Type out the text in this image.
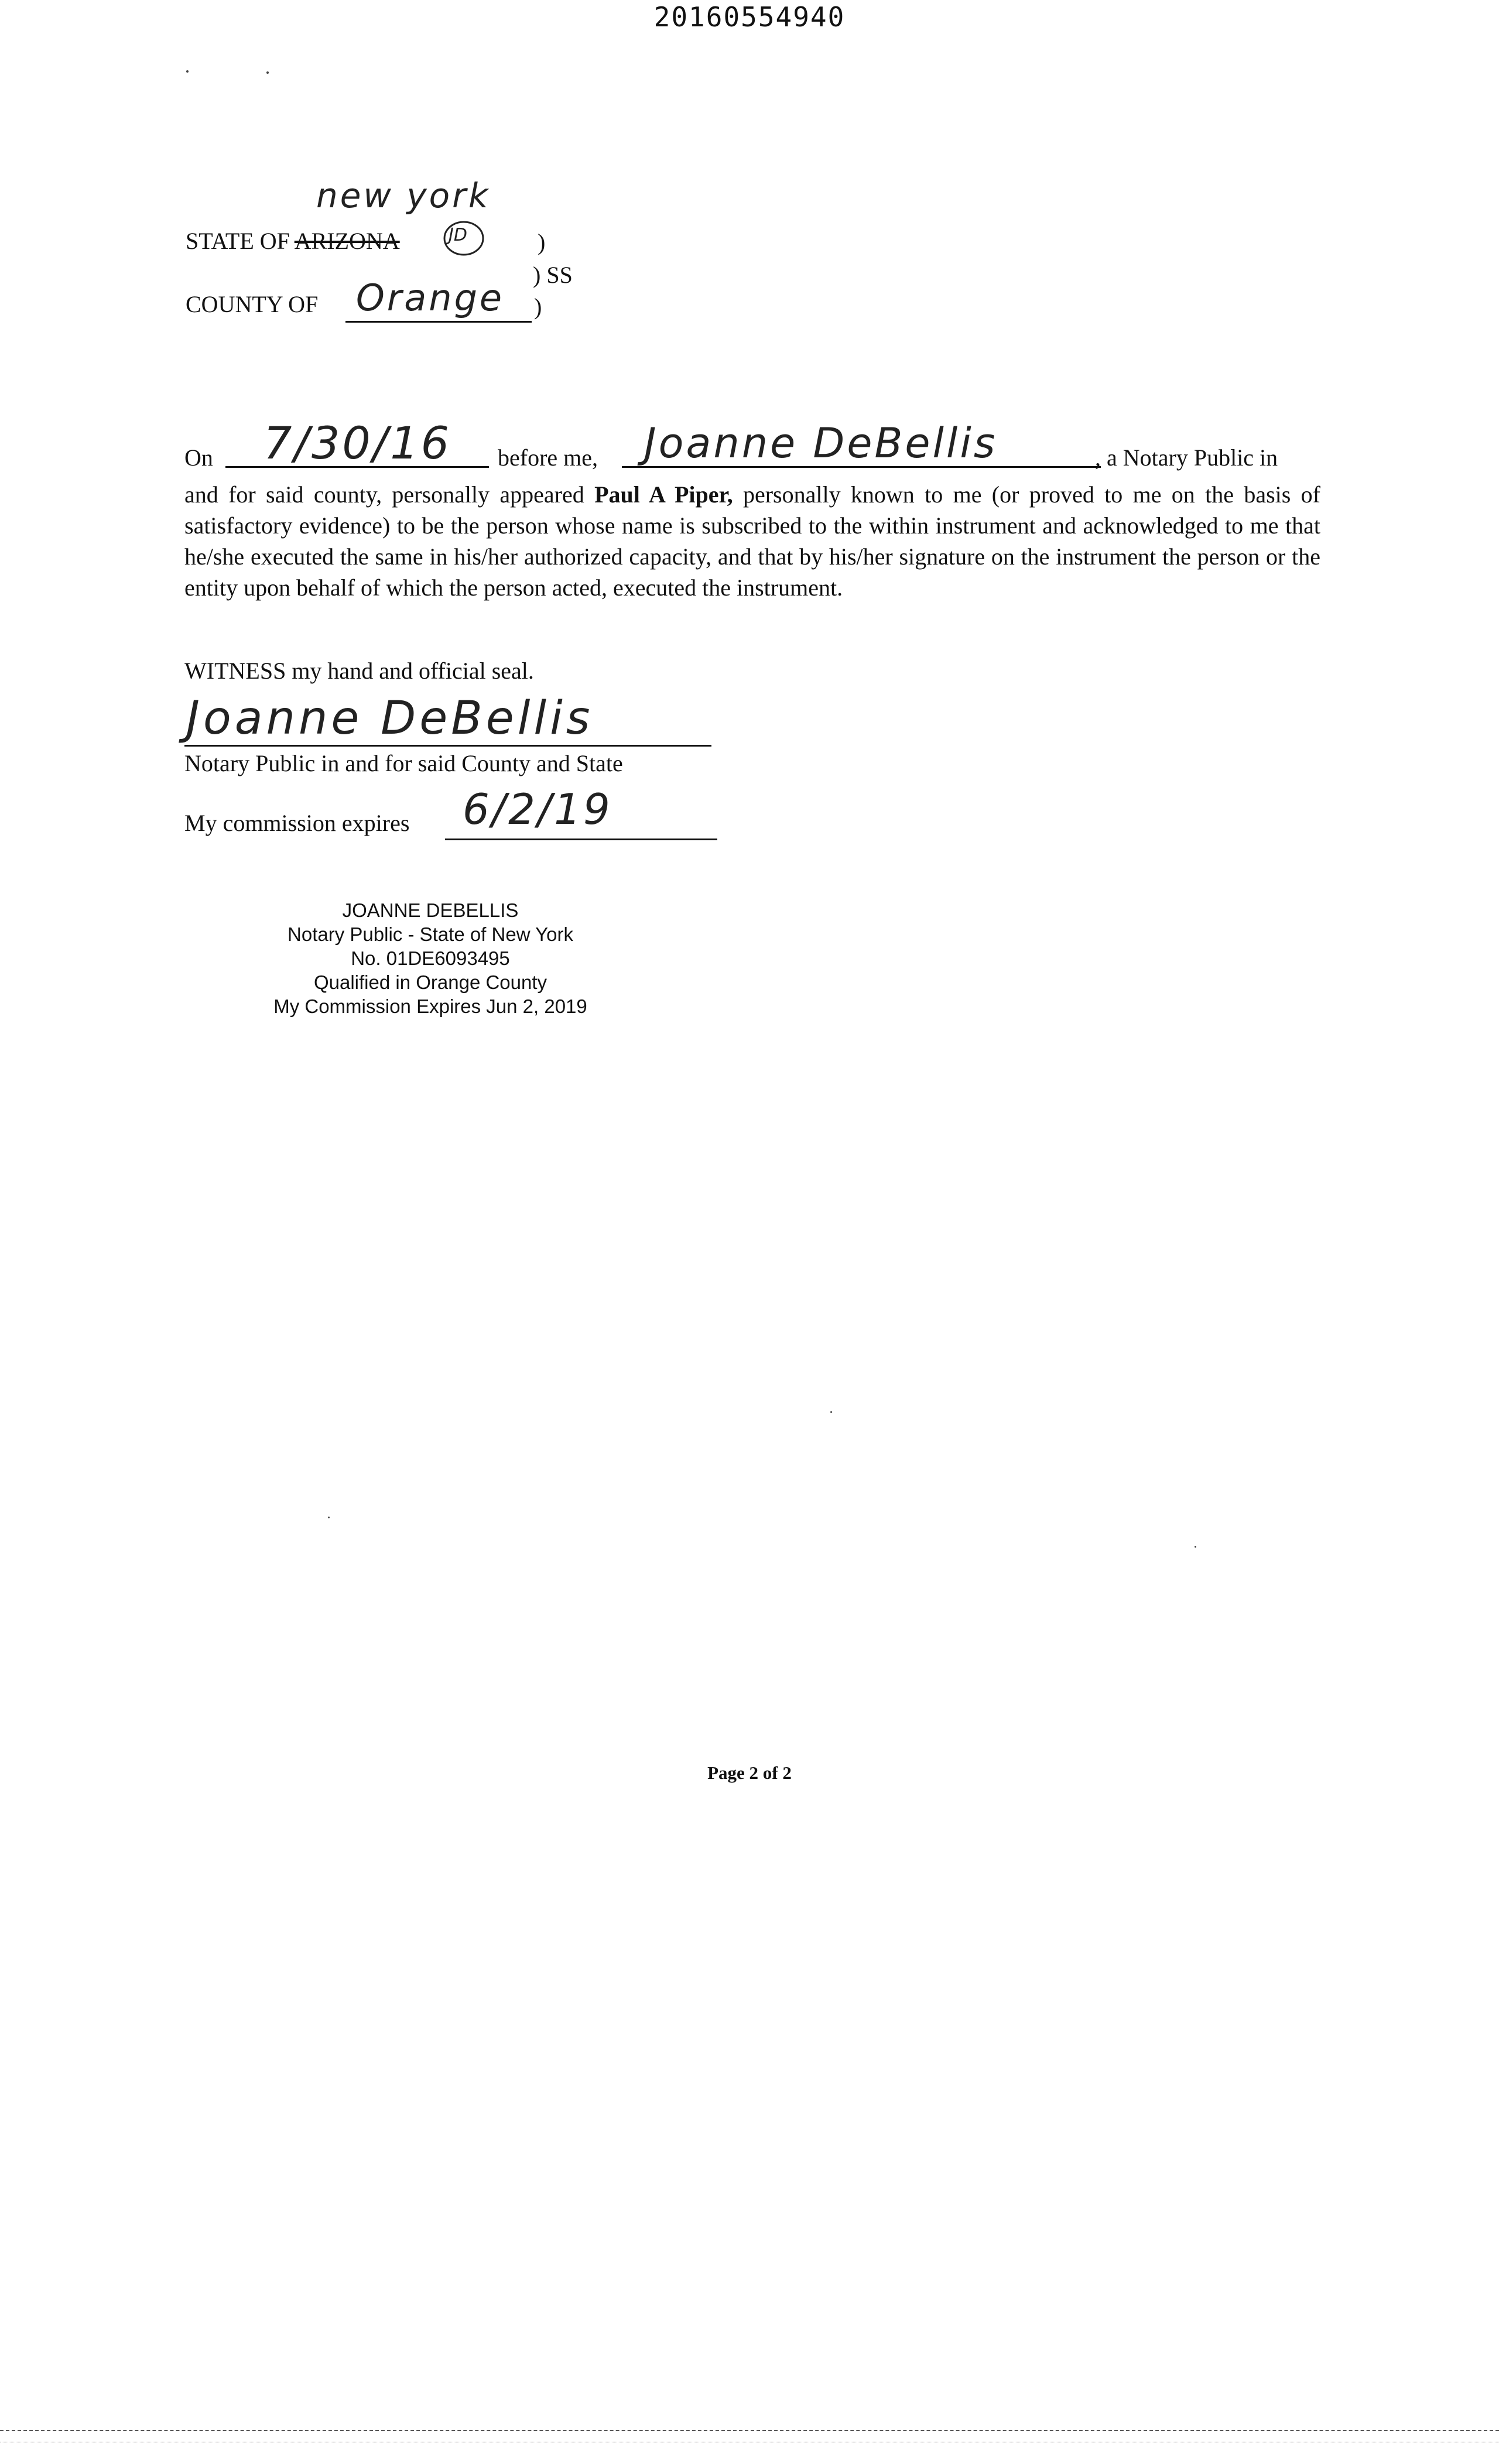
20160554940
new york
STATE OF ARIZONA	JD	)
) SS
COUNTY OF Orange )
On 7/30/16 before me, Joanne DeBellis	, a Notary Public in
and for said county, personally appeared Paul A Piper, personally known to me (or proved to me on the basis of satisfactory evidence) to be the person whose name is subscribed to the within instrument and acknowledged to me that he/she executed the same in his/her authorized capacity, and that by his/her signature on the instrument the person or the entity upon behalf of which the person acted, executed the instrument.
WITNESS my hand and official seal.
Joanne DeBellis
Notary Public in and for said County and State
My commission expires 6/2/19
JOANNE DEBELLIS
Notary Public - State of New York
No. 01DE6093495
Qualified in Orange County
My Commission Expires Jun 2, 2019
Page 2 of 2
